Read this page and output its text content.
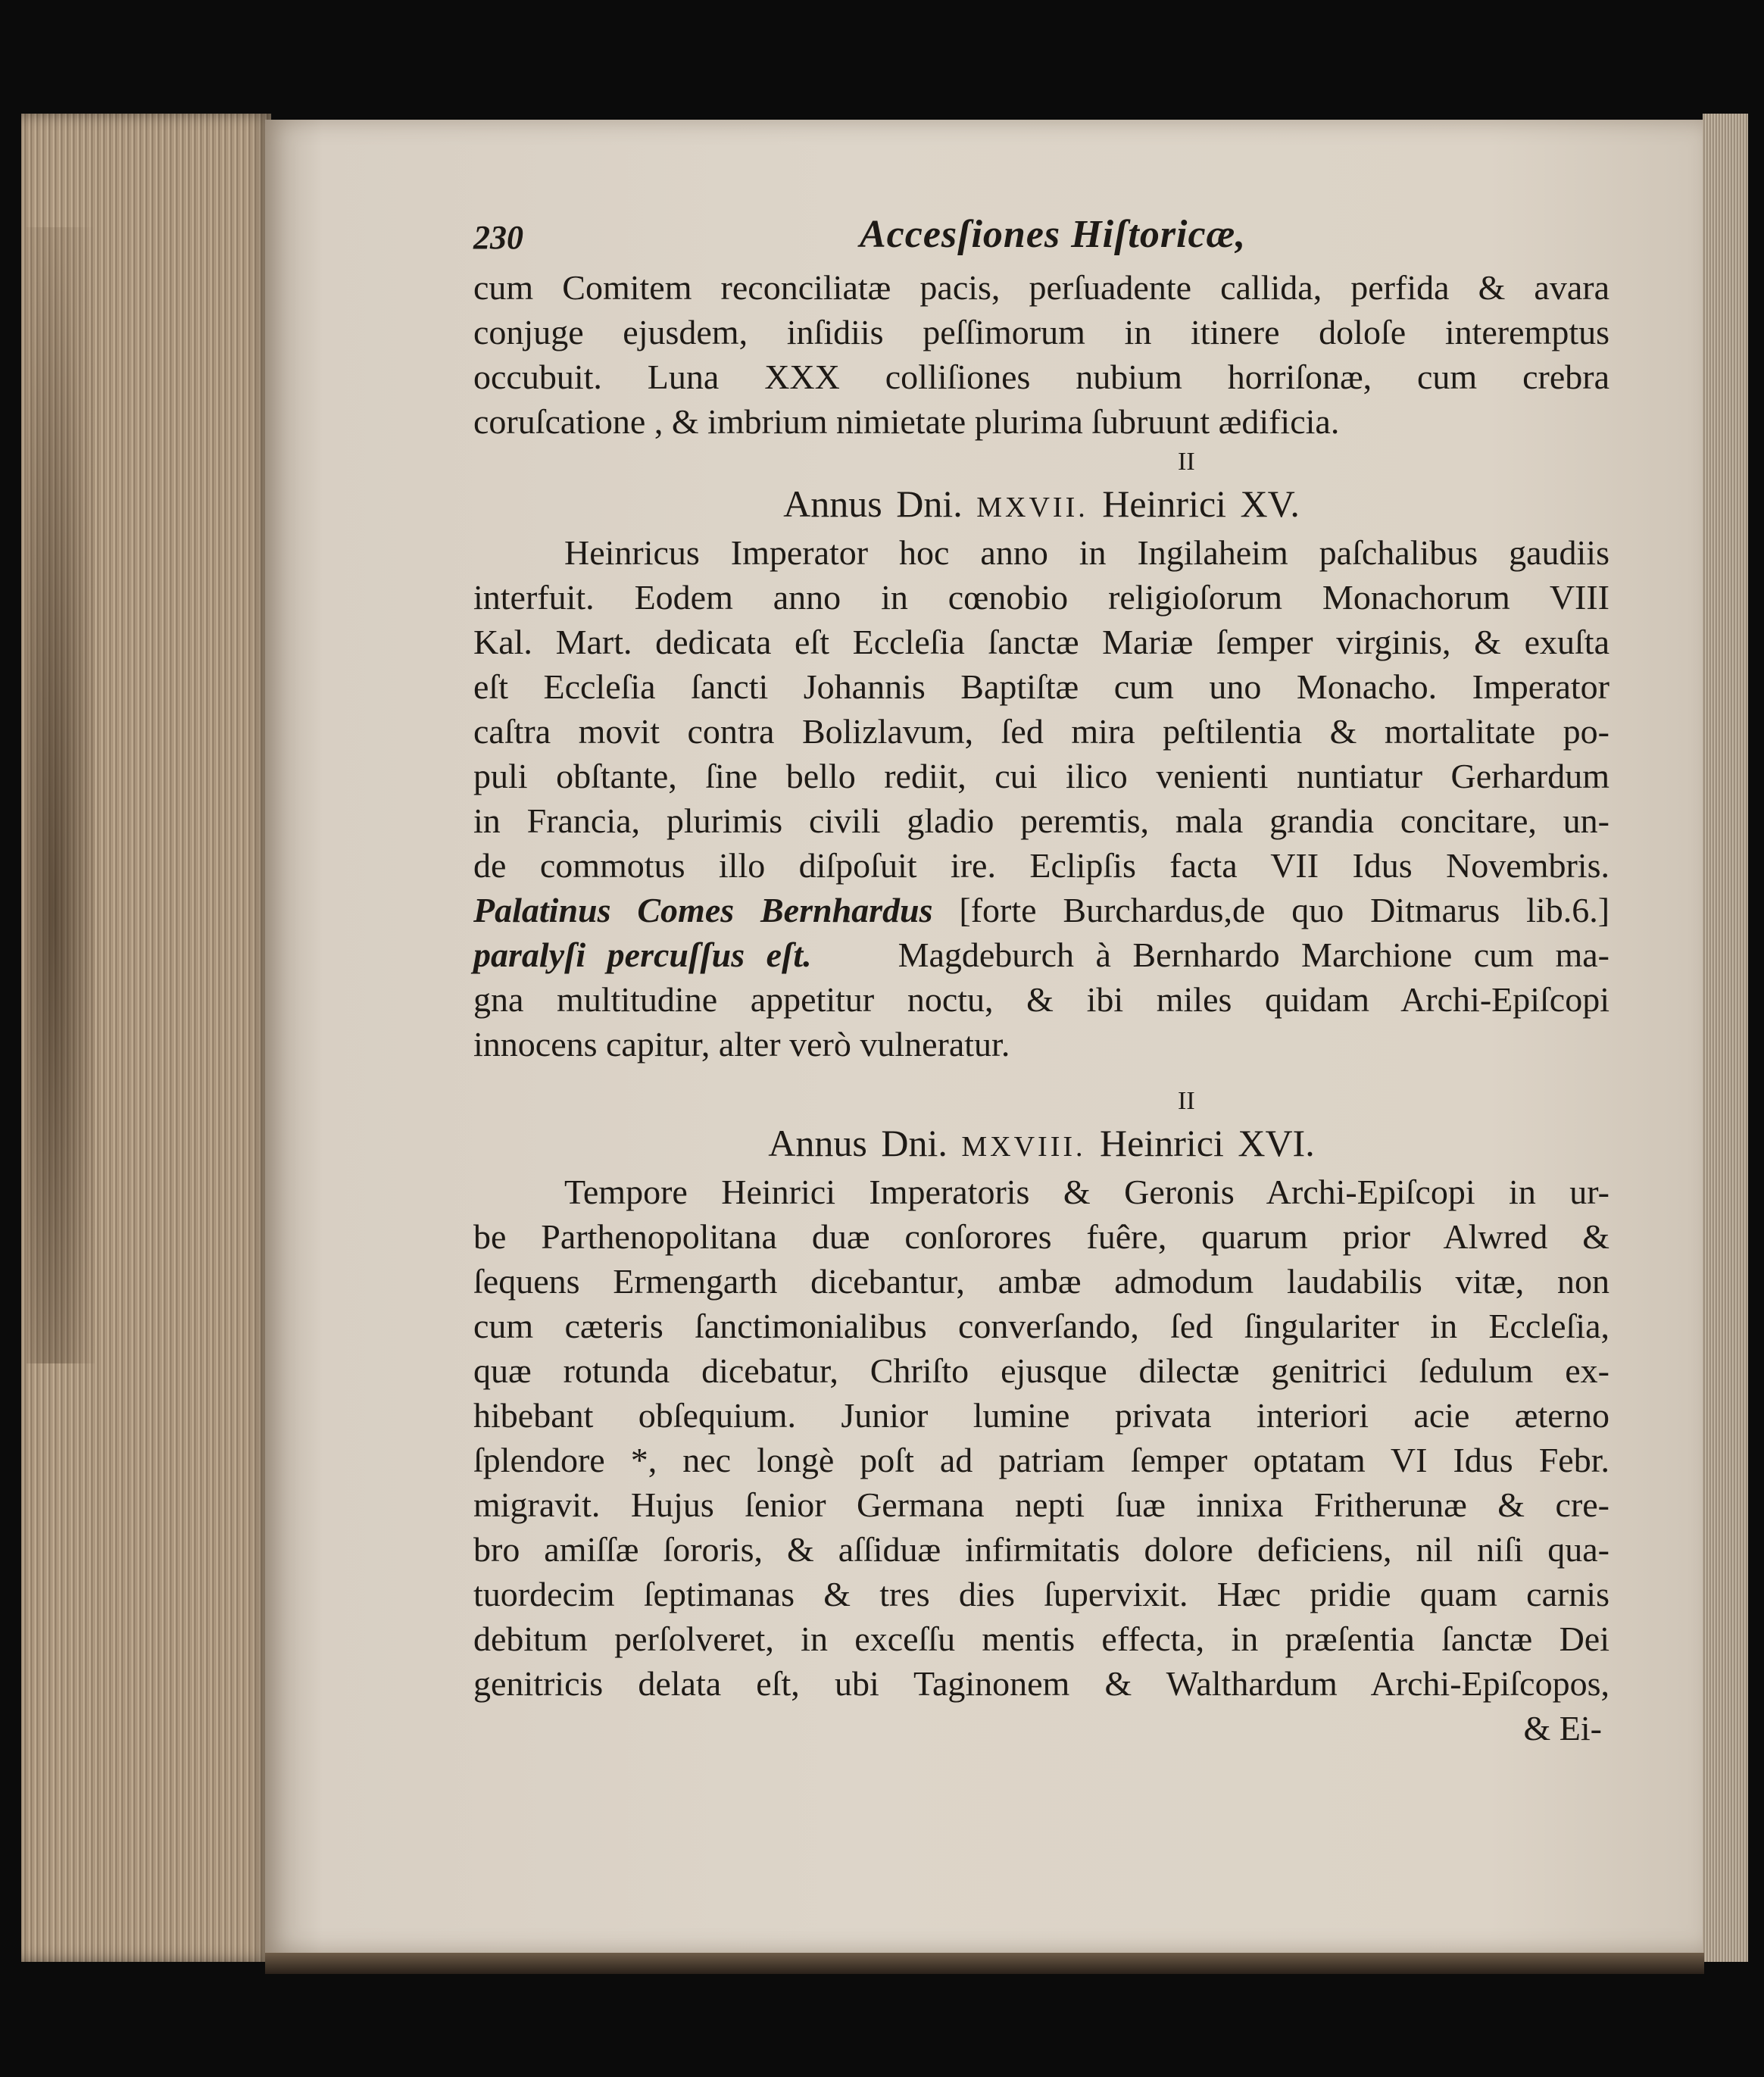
230	Accesſiones Hiſtoricæ,

cum Comitem reconciliatæ pacis, perſuadente callida, perfida & avara

conjuge ejusdem, inſidiis peſſimorum in itinere doloſe interemptus

occubuit. Luna XXX colliſiones nubium horriſonæ, cum crebra

coruſcatione , & imbrium nimietate plurima ſubruunt ædificia.

II
Annus Dni. MXVII. Heinrici XV.

Heinricus Imperator hoc anno in Ingilaheim paſchalibus gaudiis

interfuit. Eodem anno in cœnobio religioſorum Monachorum VIII

Kal. Mart. dedicata eſt Eccleſia ſanctæ Mariæ ſemper virginis, & exuſta

eſt Eccleſia ſancti Johannis Baptiſtæ cum uno Monacho. Imperator

caſtra movit contra Bolizlavum, ſed mira peſtilentia & mortalitate po-

puli obſtante, ſine bello rediit, cui ilico venienti nuntiatur Gerhardum

in Francia, plurimis civili gladio peremtis, mala grandia concitare, un-

de commotus illo diſpoſuit ire. Eclipſis facta VII Idus Novembris.

Palatinus Comes Bernhardus [forte Burchardus,de quo Ditmarus lib.6.]

paralyſi percuſſus eſt. Magdeburch à Bernhardo Marchione cum ma-

gna multitudine appetitur noctu, & ibi miles quidam Archi-Epiſcopi

innocens capitur, alter verò vulneratur.

II
Annus Dni. MXVIII. Heinrici XVI.

Tempore Heinrici Imperatoris & Geronis Archi-Epiſcopi in ur-

be Parthenopolitana duæ conſorores fuêre, quarum prior Alwred &

ſequens Ermengarth dicebantur, ambæ admodum laudabilis vitæ, non

cum cæteris ſanctimonialibus converſando, ſed ſingulariter in Eccleſia,

quæ rotunda dicebatur, Chriſto ejusque dilectæ genitrici ſedulum ex-

hibebant obſequium. Junior lumine privata interiori acie æterno

ſplendore *, nec longè poſt ad patriam ſemper optatam VI Idus Febr.

migravit. Hujus ſenior Germana nepti ſuæ innixa Fritherunæ & cre-

bro amiſſæ ſororis, & aſſiduæ infirmitatis dolore deficiens, nil niſi qua-

tuordecim ſeptimanas & tres dies ſupervixit. Hæc pridie quam carnis

debitum perſolveret, in exceſſu mentis effecta, in præſentia ſanctæ Dei

genitricis delata eſt, ubi Taginonem & Walthardum Archi-Epiſcopos,

& Ei-
